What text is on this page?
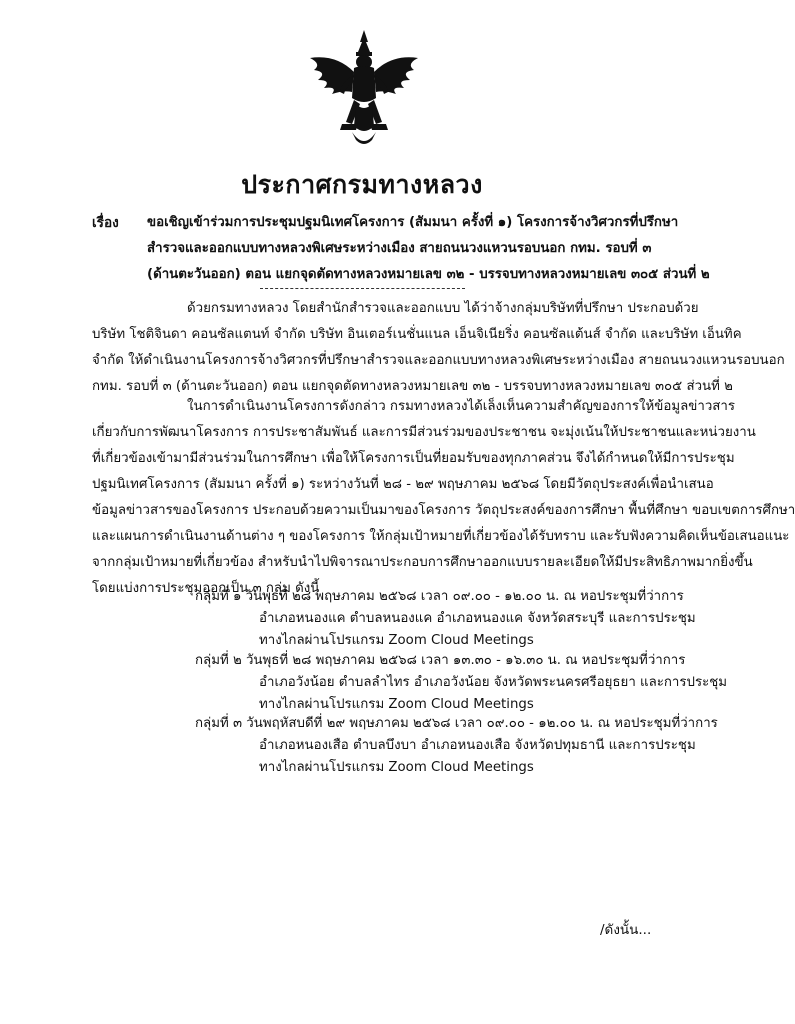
ประกาศกรมทางหลวง
เรื่อง ขอเชิญเข้าร่วมการประชุมปฐมนิเทศโครงการ (สัมมนา ครั้งที่ ๑) โครงการจ้างวิศวกรที่ปรึกษา
สำรวจและออกแบบทางหลวงพิเศษระหว่างเมือง สายถนนวงแหวนรอบนอก กทม. รอบที่ ๓
(ด้านตะวันออก) ตอน แยกจุดตัดทางหลวงหมายเลข ๓๒ - บรรจบทางหลวงหมายเลข ๓๐๕ ส่วนที่ ๒
ด้วยกรมทางหลวง โดยสำนักสำรวจและออกแบบ ได้ว่าจ้างกลุ่มบริษัทที่ปรึกษา ประกอบด้วย
บริษัท โชติจินดา คอนซัลแตนท์ จำกัด บริษัท อินเตอร์เนชั่นแนล เอ็นจิเนียริ่ง คอนซัลแต้นส์ จำกัด และบริษัท เอ็นทิค
จำกัด ให้ดำเนินงานโครงการจ้างวิศวกรที่ปรึกษาสำรวจและออกแบบทางหลวงพิเศษระหว่างเมือง สายถนนวงแหวนรอบนอก
กทม. รอบที่ ๓ (ด้านตะวันออก) ตอน แยกจุดตัดทางหลวงหมายเลข ๓๒ - บรรจบทางหลวงหมายเลข ๓๐๕ ส่วนที่ ๒
ในการดำเนินงานโครงการดังกล่าว กรมทางหลวงได้เล็งเห็นความสำคัญของการให้ข้อมูลข่าวสาร
เกี่ยวกับการพัฒนาโครงการ การประชาสัมพันธ์ และการมีส่วนร่วมของประชาชน จะมุ่งเน้นให้ประชาชนและหน่วยงาน
ที่เกี่ยวข้องเข้ามามีส่วนร่วมในการศึกษา เพื่อให้โครงการเป็นที่ยอมรับของทุกภาคส่วน จึงได้กำหนดให้มีการประชุม
ปฐมนิเทศโครงการ (สัมมนา ครั้งที่ ๑) ระหว่างวันที่ ๒๘ - ๒๙ พฤษภาคม ๒๕๖๘ โดยมีวัตถุประสงค์เพื่อนำเสนอ
ข้อมูลข่าวสารของโครงการ ประกอบด้วยความเป็นมาของโครงการ วัตถุประสงค์ของการศึกษา พื้นที่ศึกษา ขอบเขตการศึกษา
และแผนการดำเนินงานด้านต่าง ๆ ของโครงการ ให้กลุ่มเป้าหมายที่เกี่ยวข้องได้รับทราบ และรับฟังความคิดเห็นข้อเสนอแนะ
จากกลุ่มเป้าหมายที่เกี่ยวข้อง สำหรับนำไปพิจารณาประกอบการศึกษาออกแบบรายละเอียดให้มีประสิทธิภาพมากยิ่งขึ้น
โดยแบ่งการประชุมออกเป็น ๓ กลุ่ม ดังนี้
กลุ่มที่ ๑ วันพุธที่ ๒๘ พฤษภาคม ๒๕๖๘ เวลา ๐๙.๐๐ - ๑๒.๐๐ น. ณ หอประชุมที่ว่าการ
อำเภอหนองแค ตำบลหนองแค อำเภอหนองแค จังหวัดสระบุรี และการประชุม
ทางไกลผ่านโปรแกรม Zoom Cloud Meetings
กลุ่มที่ ๒ วันพุธที่ ๒๘ พฤษภาคม ๒๕๖๘ เวลา ๑๓.๓๐ - ๑๖.๓๐ น. ณ หอประชุมที่ว่าการ
อำเภอวังน้อย ตำบลลำไทร อำเภอวังน้อย จังหวัดพระนครศรีอยุธยา และการประชุม
ทางไกลผ่านโปรแกรม Zoom Cloud Meetings
กลุ่มที่ ๓ วันพฤหัสบดีที่ ๒๙ พฤษภาคม ๒๕๖๘ เวลา ๐๙.๐๐ - ๑๒.๐๐ น. ณ หอประชุมที่ว่าการ
อำเภอหนองเสือ ตำบลบึงบา อำเภอหนองเสือ จังหวัดปทุมธานี และการประชุม
ทางไกลผ่านโปรแกรม Zoom Cloud Meetings
/ดังนั้น...
